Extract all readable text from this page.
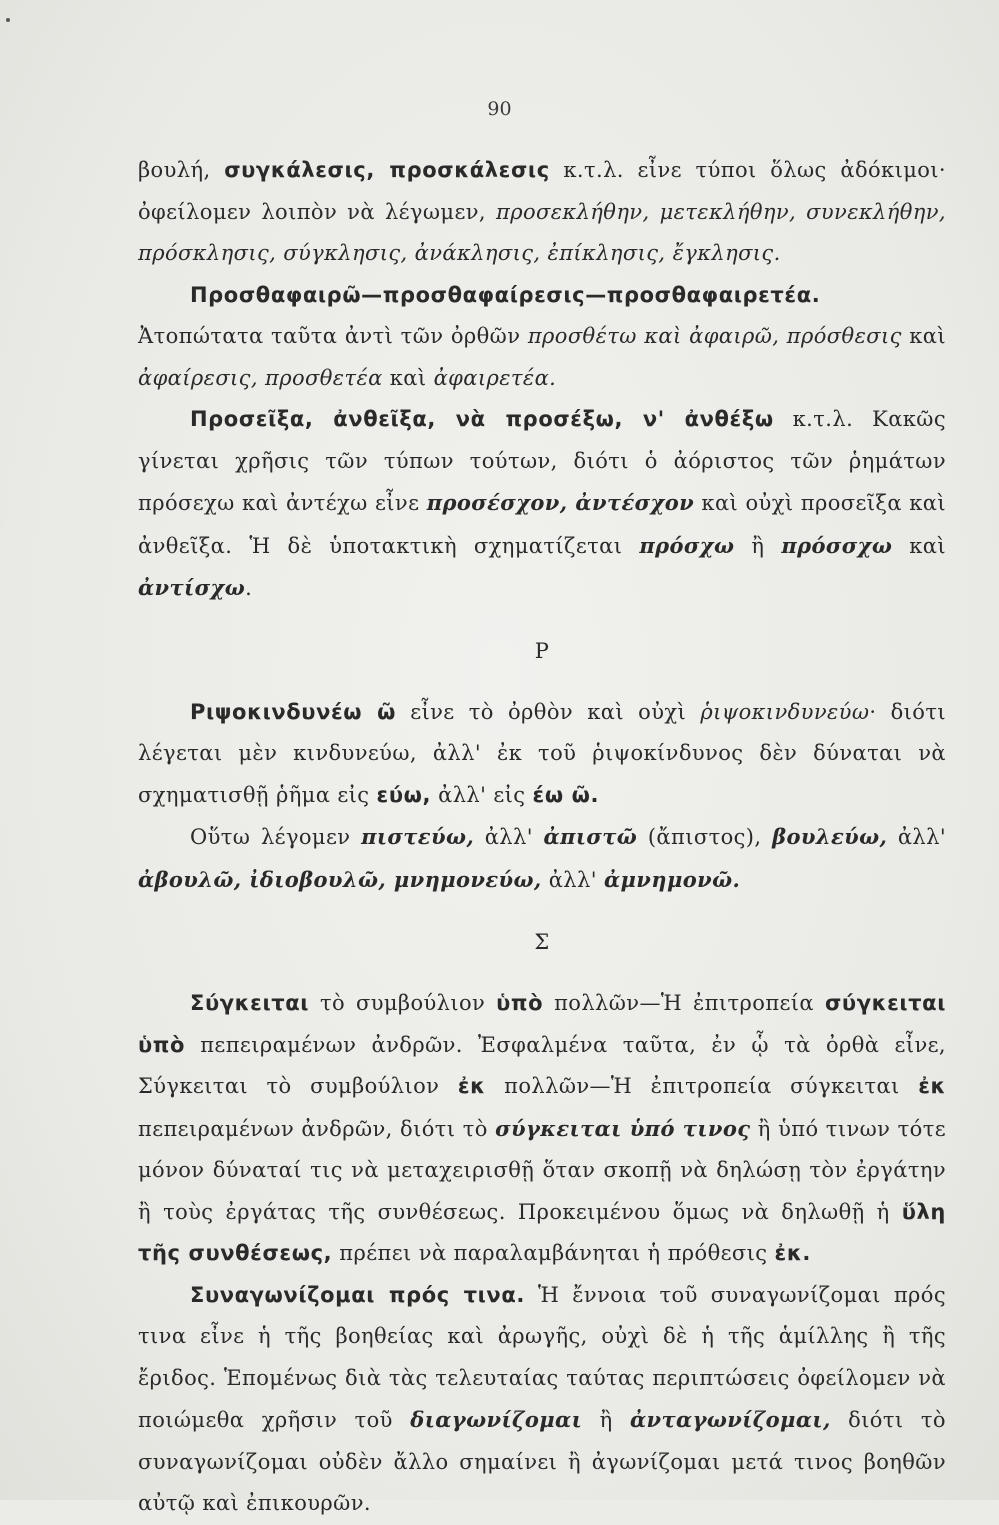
90

βουλή, συγκάλεσις, προσκάλεσις κ.τ.λ. εἶνε τύποι ὅλως ἀδόκιμοι· ὀφείλομεν λοιπὸν νὰ λέγωμεν, προσεκλήθην, μετεκλήθην, συνεκλήθην, πρόσκλησις, σύγκλησις, ἀνάκλησις, ἐπίκλησις, ἔγκλησις.

Προσθαφαιρῶ—προσθαφαίρεσις—προσθαφαιρετέα. Ἀτοπώτατα ταῦτα ἀντὶ τῶν ὀρθῶν προσθέτω καὶ ἀφαιρῶ, πρόσθεσις καὶ ἀφαίρεσις, προσθετέα καὶ ἀφαιρετέα.

Προσεῖξα, ἀνθεῖξα, νὰ προσέξω, ν' ἀνθέξω κ.τ.λ. Κακῶς γίνεται χρῆσις τῶν τύπων τούτων, διότι ὁ ἀόριστος τῶν ῥημάτων πρόσεχω καὶ ἀντέχω εἶνε προσέσχον, ἀντέσχον καὶ οὐχὶ προσεῖξα καὶ ἀνθεῖξα. Ἡ δὲ ὑποτακτικὴ σχηματίζεται πρόσχω ἢ πρόσσχω καὶ ἀντίσχω.

Ρ

Ριψοκινδυνέω ῶ εἶνε τὸ ὀρθὸν καὶ οὐχὶ ῥιψοκινδυνεύω· διότι λέγεται μὲν κινδυνεύω, ἀλλ' ἐκ τοῦ ῥιψοκίνδυνος δὲν δύναται νὰ σχηματισθῇ ῥῆμα εἰς εύω, ἀλλ' εἰς έω ῶ.

Οὕτω λέγομεν πιστεύω, ἀλλ' ἀπιστῶ (ἄπιστος), βουλεύω, ἀλλ' ἀβουλῶ, ἰδιοβουλῶ, μνημονεύω, ἀλλ' ἀμνημονῶ.

Σ

Σύγκειται τὸ συμβούλιον ὑπὸ πολλῶν—Ἡ ἐπιτροπεία σύγκειται ὑπὸ πεπειραμένων ἀνδρῶν. Ἐσφαλμένα ταῦτα, ἐν ᾧ τὰ ὀρθὰ εἶνε, Σύγκειται τὸ συμβούλιον ἐκ πολλῶν—Ἡ ἐπιτροπεία σύγκειται ἐκ πεπειραμένων ἀνδρῶν, διότι τὸ σύγκειται ὑπό τινος ἢ ὑπό τινων τότε μόνον δύναταί τις νὰ μεταχειρισθῇ ὅταν σκοπῇ νὰ δηλώσῃ τὸν ἐργάτην ἢ τοὺς ἐργάτας τῆς συνθέσεως. Προκειμένου ὅμως νὰ δηλωθῇ ἡ ὕλη τῆς συνθέσεως, πρέπει νὰ παραλαμβάνηται ἡ πρόθεσις ἐκ.

Συναγωνίζομαι πρός τινα. Ἡ ἔννοια τοῦ συναγωνίζομαι πρός τινα εἶνε ἡ τῆς βοηθείας καὶ ἀρωγῆς, οὐχὶ δὲ ἡ τῆς ἁμίλλης ἢ τῆς ἔριδος. Ἑπομένως διὰ τὰς τελευταίας ταύτας περιπτώσεις ὀφείλομεν νὰ ποιώμεθα χρῆσιν τοῦ διαγωνίζομαι ἢ ἀνταγωνίζομαι, διότι τὸ συναγωνίζομαι οὐδὲν ἄλλο σημαίνει ἢ ἀγωνίζομαι μετά τινος βοηθῶν αὐτῷ καὶ ἐπικουρῶν.
